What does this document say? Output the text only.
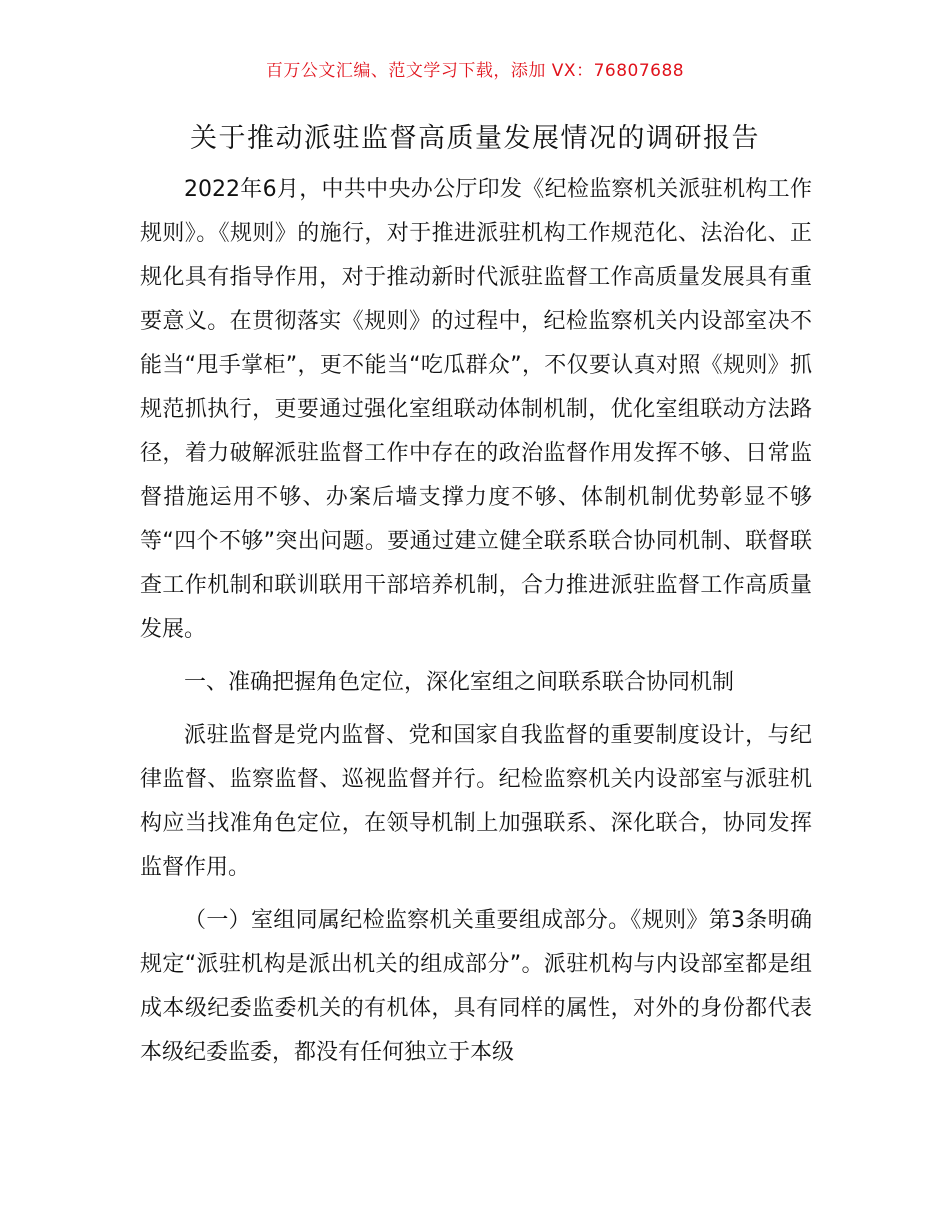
百万公文汇编、范文学习下载，添加 VX：76807688
关于推动派驻监督高质量发展情况的调研报告

2022年6月，中共中央办公厅印发《纪检监察机关派驻机构工作规则》。《规则》的施行，对于推进派驻机构工作规范化、法治化、正规化具有指导作用，对于推动新时代派驻监督工作高质量发展具有重要意义。在贯彻落实《规则》的过程中，纪检监察机关内设部室决不能当“甩手掌柜”，更不能当“吃瓜群众”，不仅要认真对照《规则》抓规范抓执行，更要通过强化室组联动体制机制，优化室组联动方法路径，着力破解派驻监督工作中存在的政治监督作用发挥不够、日常监督措施运用不够、办案后墙支撑力度不够、体制机制优势彰显不够等“四个不够”突出问题。要通过建立健全联系联合协同机制、联督联查工作机制和联训联用干部培养机制，合力推进派驻监督工作高质量发展。

一、准确把握角色定位，深化室组之间联系联合协同机制

派驻监督是党内监督、党和国家自我监督的重要制度设计，与纪律监督、监察监督、巡视监督并行。纪检监察机关内设部室与派驻机构应当找准角色定位，在领导机制上加强联系、深化联合，协同发挥监督作用。

（一）室组同属纪检监察机关重要组成部分。《规则》第3条明确规定“派驻机构是派出机关的组成部分”。派驻机构与内设部室都是组成本级纪委监委机关的有机体，具有同样的属性，对外的身份都代表本级纪委监委，都没有任何独立于本级
